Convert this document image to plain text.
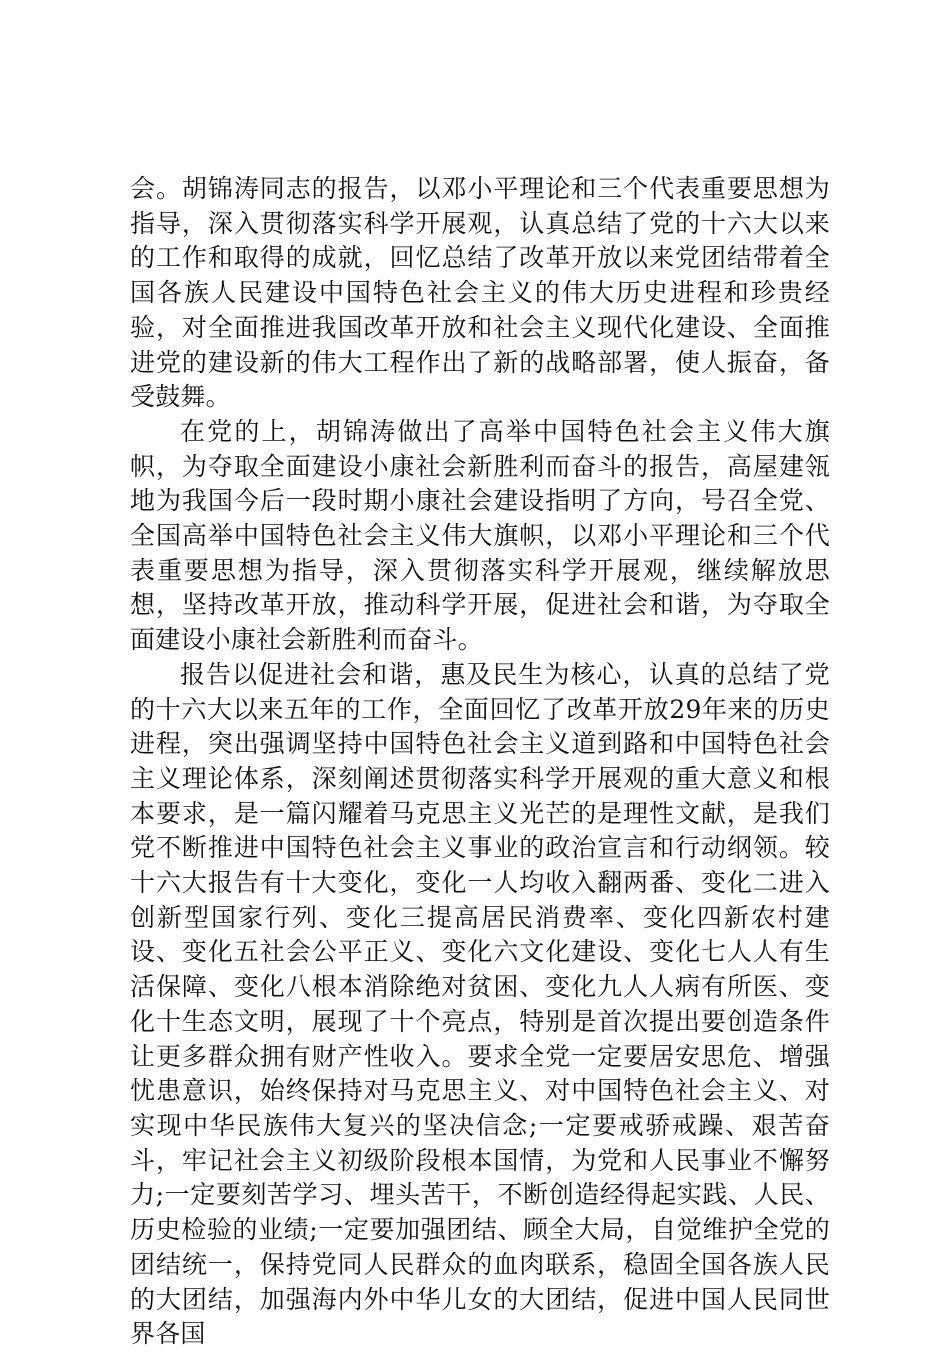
会。胡锦涛同志的报告，以邓小平理论和三个代表重要思想为指导，深入贯彻落实科学开展观，认真总结了党的十六大以来的工作和取得的成就，回忆总结了改革开放以来党团结带着全国各族人民建设中国特色社会主义的伟大历史进程和珍贵经验，对全面推进我国改革开放和社会主义现代化建设、全面推进党的建设新的伟大工程作出了新的战略部署，使人振奋，备受鼓舞。

在党的上，胡锦涛做出了高举中国特色社会主义伟大旗帜，为夺取全面建设小康社会新胜利而奋斗的报告，高屋建瓴地为我国今后一段时期小康社会建设指明了方向，号召全党、全国高举中国特色社会主义伟大旗帜，以邓小平理论和三个代表重要思想为指导，深入贯彻落实科学开展观，继续解放思想，坚持改革开放，推动科学开展，促进社会和谐，为夺取全面建设小康社会新胜利而奋斗。

报告以促进社会和谐，惠及民生为核心，认真的总结了党的十六大以来五年的工作，全面回忆了改革开放29年来的历史进程，突出强调坚持中国特色社会主义道到路和中国特色社会主义理论体系，深刻阐述贯彻落实科学开展观的重大意义和根本要求，是一篇闪耀着马克思主义光芒的是理性文献，是我们党不断推进中国特色社会主义事业的政治宣言和行动纲领。较十六大报告有十大变化，变化一人均收入翻两番、变化二进入创新型国家行列、变化三提高居民消费率、变化四新农村建设、变化五社会公平正义、变化六文化建设、变化七人人有生活保障、变化八根本消除绝对贫困、变化九人人病有所医、变化十生态文明，展现了十个亮点，特别是首次提出要创造条件让更多群众拥有财产性收入。要求全党一定要居安思危、增强忧患意识，始终保持对马克思主义、对中国特色社会主义、对实现中华民族伟大复兴的坚决信念;一定要戒骄戒躁、艰苦奋斗，牢记社会主义初级阶段根本国情，为党和人民事业不懈努力;一定要刻苦学习、埋头苦干，不断创造经得起实践、人民、历史检验的业绩;一定要加强团结、顾全大局，自觉维护全党的团结统一，保持党同人民群众的血肉联系，稳固全国各族人民的大团结，加强海内外中华儿女的大团结，促进中国人民同世界各国
